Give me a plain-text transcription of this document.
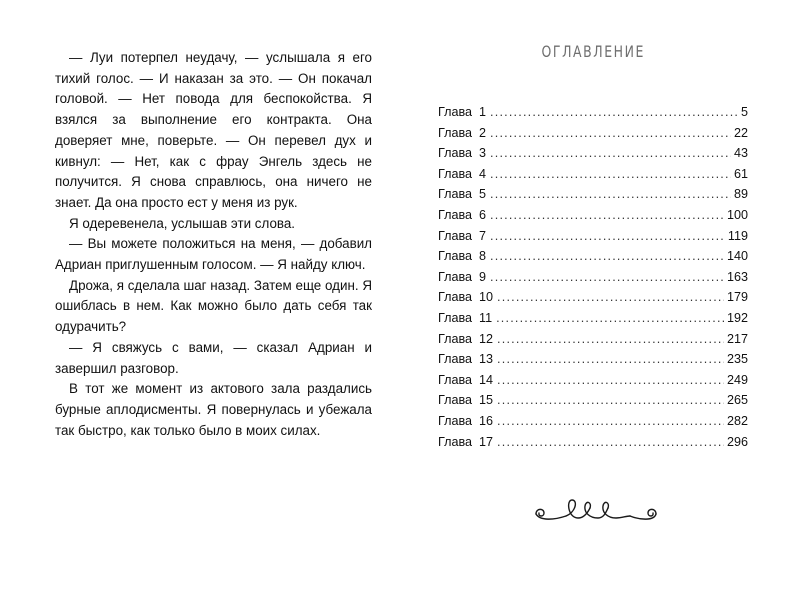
— Луи потерпел неудачу, — услышала я его тихий голос. — И наказан за это. — Он покачал головой. — Нет повода для беспокойства. Я взялся за выполнение его контракта. Она доверяет мне, поверьте. — Он перевел дух и кивнул: — Нет, как с фрау Энгель здесь не получится. Я снова справлюсь, она ничего не знает. Да она просто ест у меня из рук.

Я одеревенела, услышав эти слова.

— Вы можете положиться на меня, — добавил Адриан приглушенным голосом. — Я найду ключ.

Дрожа, я сделала шаг назад. Затем еще один. Я ошиблась в нем. Как можно было дать себя так одурачить?

— Я свяжусь с вами, — сказал Адриан и завершил разговор.

В тот же момент из актового зала раздались бурные аплодисменты. Я повернулась и убежала так быстро, как только было в моих силах.

ОГЛАВЛЕНИЕ
Глава 1 .....	5
Глава 2 .....	22
Глава 3 .....	43
Глава 4 .....	61
Глава 5 .....	89
Глава 6 .....	100
Глава 7 .....	119
Глава 8 .....	140
Глава 9 .....	163
Глава 10 .....	179
Глава 11 .....	192
Глава 12 .....	217
Глава 13 .....	235
Глава 14 .....	249
Глава 15 .....	265
Глава 16 .....	282
Глава 17 .....	296
